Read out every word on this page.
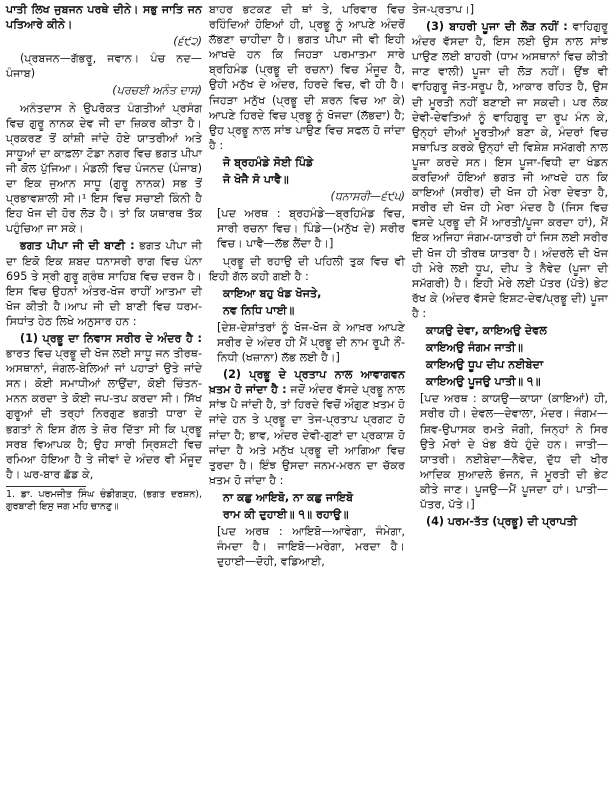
ਪਾਤੀ ਲਿਖ ਜੁਬਜਨ ਪਰਥੇ ਦੀਨੇ। ਸਭੁ ਜਾਤਿ ਜਨ ਪਤਿਆਰੇ ਕੀਨੇ।

(੬੯੨)

(ਪ੍ਰਬਜਨ—ਗੱਭਰੂ, ਜਵਾਨ। ਪੰਚ ਨਦ—ਪੰਜਾਬ)

(ਪਰਚਈ ਅਨੰਤ ਦਾਸ)

ਅਨੰਤਦਾਸ ਨੇ ਉਪਰੋਕਤ ਪੰਗਤੀਆਂ ਪ੍ਰਸੰਗ ਵਿਚ ਗੁਰੂ ਨਾਨਕ ਦੇਵ ਜੀ ਦਾ ਜ਼ਿਕਰ ਕੀਤਾ ਹੈ। ਪ੍ਰਕਰਣ ਤੋਂ ਕਾਂਸ਼ੀ ਜਾਂਦੇ ਹੋਏ ਯਾਤਰੀਆਂ ਅਤੇ ਸਾਧੂਆਂ ਦਾ ਕਾਫ਼ਲਾ ਟੋਡਾ ਨਗਰ ਵਿਚ ਭਗਤ ਪੀਪਾ ਜੀ ਕੋਲ ਪੁੱਜਿਆ। ਮੰਡਲੀ ਵਿਚ ਪੰਜਨਦ (ਪੰਜਾਬ) ਦਾ ਇਕ ਜੁਆਨ ਸਾਧੂ (ਗੁਰੂ ਨਾਨਕ) ਸਭ ਤੋਂ ਪ੍ਰਭਾਵਸ਼ਾਲੀ ਸੀ।¹ ਇਸ ਵਿਚ ਸਚਾਈ ਕਿੰਨੀ ਹੈ ਇਹ ਖੋਜ ਦੀ ਹੋਰ ਲੋੜ ਹੈ। ਤਾਂ ਕਿ ਯਥਾਰਥ ਤੱਕ ਪਹੁੰਚਿਆ ਜਾ ਸਕੇ।

ਭਗਤ ਪੀਪਾ ਜੀ ਦੀ ਬਾਣੀ : ਭਗਤ ਪੀਪਾ ਜੀ ਦਾ ਇਕੋ ਇਕ ਸ਼ਬਦ ਧਨਾਸਰੀ ਰਾਗ ਵਿਚ ਪੰਨਾ 695 ਤੇ ਸ੍ਰੀ ਗੁਰੂ ਗ੍ਰੰਥ ਸਾਹਿਬ ਵਿਚ ਦਰਜ ਹੈ। ਇਸ ਵਿਚ ਉਹਨਾਂ ਅੰਤਰ-ਖੋਜ ਰਾਹੀਂ ਆਤਮਾ ਦੀ ਖੋਜ ਕੀਤੀ ਹੈ।ਆਪ ਜੀ ਦੀ ਬਾਣੀ ਵਿਚ ਧਰਮ- ਸਿਧਾਂਤ ਹੇਠ ਲਿਖੇ ਅਨੁਸਾਰ ਹਨ :

(1) ਪ੍ਰਭੂ ਦਾ ਨਿਵਾਸ ਸਰੀਰ ਦੇ ਅੰਦਰ ਹੈ : ਭਾਰਤ ਵਿਚ ਪ੍ਰਭੂ ਦੀ ਖੋਜ ਲਈ ਸਾਧੂ ਜਨ ਤੀਰਥ-ਅਸਥਾਨਾਂ, ਜੰਗਲ-ਬੇਲਿਆਂ ਜਾਂ ਪਹਾੜਾਂ ਉਤੇ ਜਾਂਦੇ ਸਨ। ਕੋਈ ਸਮਾਧੀਆਂ ਲਾਉਂਦਾ, ਕੋਈ ਚਿੰਤਨ-ਮਨਨ ਕਰਦਾ ਤੇ ਕੋਈ ਜਪ-ਤਪ ਕਰਦਾ ਸੀ। ਸਿੱਖ ਗੁਰੂਆਂ ਦੀ ਤਰ੍ਹਾਂ ਨਿਰਗੁਣ ਭਗਤੀ ਧਾਰਾ ਦੇ ਭਗਤਾਂ ਨੇ ਇਸ ਗੱਲ ਤੇ ਜ਼ੋਰ ਦਿੱਤਾ ਸੀ ਕਿ ਪ੍ਰਭੂ ਸਰਬ ਵਿਆਪਕ ਹੈ; ਉਹ ਸਾਰੀ ਸ੍ਰਿਸ਼ਟੀ ਵਿਚ ਰਮਿਆ ਹੋਇਆ ਹੈ ਤੇ ਜੀਵਾਂ ਦੇ ਅੰਦਰ ਵੀ ਮੌਜੂਦ ਹੈ। ਘਰ-ਬਾਰ ਛੱਡ ਕੇ,

1. ਡਾ. ਪਰਮਜੀਤ ਸਿੰਘ ਚੰਡੀਗੜ੍ਹ, (ਭਗਤ ਦਰਸ਼ਨ), ਗੁਰਬਾਣੀ ਇਸੁ ਜਗ ਮਹਿ ਚਾਨਣੁ॥

ਬਾਹਰ ਭਟਕਣ ਦੀ ਥਾਂ ਤੇ, ਪਰਿਵਾਰ ਵਿਚ ਰਹਿੰਦਿਆਂ ਹੋਇਆਂ ਹੀ, ਪ੍ਰਭੂ ਨੂੰ ਆਪਣੇ ਅੰਦਰੋਂ ਲੱਭਣਾ ਚਾਹੀਦਾ ਹੈ। ਭਗਤ ਪੀਪਾ ਜੀ ਵੀ ਇਹੀ ਆਖਦੇ ਹਨ ਕਿ ਜਿਹੜਾ ਪਰਮਾਤਮਾ ਸਾਰੇ ਬ੍ਰਹਿਮੰਡ (ਪ੍ਰਭੂ ਦੀ ਰਚਨਾ) ਵਿਚ ਮੌਜੂਦ ਹੈ, ਉਹੀ ਮਨੁੱਖ ਦੇ ਅੰਦਰ, ਹਿਰਦੇ ਵਿਚ, ਵੀ ਹੀ ਹੈ। ਜਿਹੜਾ ਮਨੁੱਖ (ਪ੍ਰਭੂ ਦੀ ਸ਼ਰਨ ਵਿਚ ਆ ਕੇ) ਆਪਣੇ ਹਿਰਦੇ ਵਿਚ ਪ੍ਰਭੂ ਨੂੰ ਖੋਜਦਾ (ਲੱਭਦਾ) ਹੈ; ਉਹ ਪ੍ਰਭੂ ਨਾਲ ਸਾਂਝ ਪਾਉਣ ਵਿਚ ਸਫਲ ਹੋ ਜਾਂਦਾ ਹੈ :

ਜੋ ਬ੍ਰਹਮੰਡੇ ਸੋਈ ਪਿੰਡੇ

ਜੋ ਖੋਜੈ ਸੋ ਪਾਵੈ॥

(ਧਨਾਸਰੀ—੬੯੫)

[ਪਦ ਅਰਥ : ਬ੍ਰਹਮੰਡੇ—ਬ੍ਰਹਿਮੰਡ ਵਿਚ, ਸਾਰੀ ਰਚਨਾ ਵਿਚ। ਪਿੰਡੇ—(ਮਨੁੱਖ ਦੇ) ਸਰੀਰ ਵਿਚ। ਪਾਵੈ—ਲੱਭ ਲੈਂਦਾ ਹੈ।]

ਪ੍ਰਭੂ ਦੀ ਰਹਾਉ ਦੀ ਪਹਿਲੀ ਤੁਕ ਵਿਚ ਵੀ ਇਹੀ ਗੱਲ ਕਹੀ ਗਈ ਹੈ :

ਕਾਇਆ ਬਹੁ ਖੰਡ ਖੋਜਤੇ,

ਨਵ ਨਿਧਿ ਪਾਈ॥

[ਦੇਸ਼-ਦੇਸ਼ਾਂਤਰਾਂ ਨੂੰ ਖੋਜ-ਖੋਜ ਕੇ ਆਖ਼ਰ ਆਪਣੇ ਸਰੀਰ ਦੇ ਅੰਦਰ ਹੀ ਮੈਂ ਪ੍ਰਭੂ ਦੀ ਨਾਮ ਰੂਪੀ ਨੌਂ-ਨਿਧੀ (ਖਜ਼ਾਨਾ) ਲੱਭ ਲਈ ਹੈ।]

(2) ਪ੍ਰਭੂ ਦੇ ਪ੍ਰਤਾਪ ਨਾਲ ਆਵਾਗਵਨ ਖ਼ਤਮ ਹੋ ਜਾਂਦਾ ਹੈ : ਜਦੋਂ ਅੰਦਰ ਵੱਸਦੇ ਪ੍ਰਭੂ ਨਾਲ ਸਾਂਝ ਪੈ ਜਾਂਦੀ ਹੈ, ਤਾਂ ਹਿਰਦੇ ਵਿਚੋਂ ਔਗੁਣ ਖ਼ਤਮ ਹੋ ਜਾਂਦੇ ਹਨ ਤੇ ਪ੍ਰਭੂ ਦਾ ਤੇਜ-ਪ੍ਰਤਾਪ ਪ੍ਰਗਟ ਹੋ ਜਾਂਦਾ ਹੈ; ਭਾਵ, ਅੰਦਰ ਦੇਵੀ-ਗੁਣਾਂ ਦਾ ਪ੍ਰਕਾਸ਼ ਹੋ ਜਾਂਦਾ ਹੈ ਅਤੇ ਮਨੁੱਖ ਪ੍ਰਭੂ ਦੀ ਆਗਿਆ ਵਿਚ ਤੁਰਦਾ ਹੈ। ਇੰਝ ਉਸਦਾ ਜਨਮ-ਮਰਨ ਦਾ ਚੱਕਰ ਖ਼ਤਮ ਹੋ ਜਾਂਦਾ ਹੈ :

ਨਾ ਕਛੁ ਆਇਬੋ, ਨਾ ਕਛੁ ਜਾਇਬੋ

ਰਾਮ ਕੀ ਦੁਹਾਈ॥ ੧॥ ਰਹਾਉ॥

[ਪਦ ਅਰਥ : ਆਇਬੋ—ਆਵੇਗਾ, ਜੰਮੇਗਾ, ਜੰਮਦਾ ਹੈ। ਜਾਇਬੋ—ਮਰੇਗਾ, ਮਰਦਾ ਹੈ। ਦੁਹਾਈ—ਦੋਹੀ, ਵਡਿਆਈ,

ਤੇਜ-ਪ੍ਰਤਾਪ।]

(3) ਬਾਹਰੀ ਪੂਜਾ ਦੀ ਲੋੜ ਨਹੀਂ : ਵਾਹਿਗੁਰੂ ਅੰਦਰ ਵੱਸਦਾ ਹੈ, ਇਸ ਲਈ ਉਸ ਨਾਲ ਸਾਂਝ ਪਾਉਣ ਲਈ ਬਾਹਰੀ (ਧਾਮ ਅਸਥਾਨਾਂ ਵਿਚ ਕੀਤੀ ਜਾਣ ਵਾਲੀ) ਪੂਜਾ ਦੀ ਲੋੜ ਨਹੀਂ। ਉਂਝ ਵੀ ਵਾਹਿਗੁਰੂ ਜੋਤ-ਸਰੂਪ ਹੈ, ਆਕਾਰ ਰਹਿਤ ਹੈ, ਉਸ ਦੀ ਮੂਰਤੀ ਨਹੀਂ ਬਣਾਈ ਜਾ ਸਕਦੀ। ਪਰ ਲੋਕ ਦੇਵੀ-ਦੇਵਤਿਆਂ ਨੂੰ ਵਾਹਿਗੁਰੂ ਦਾ ਰੂਪ ਮੰਨ ਕੇ, ਉਨ੍ਹਾਂ ਦੀਆਂ ਮੂਰਤੀਆਂ ਬਣਾ ਕੇ, ਮੰਦਰਾਂ ਵਿਚ ਸਥਾਪਿਤ ਕਰਕੇ ਉਨ੍ਹਾਂ ਦੀ ਵਿਸ਼ੇਸ਼ ਸਮੱਗਰੀ ਨਾਲ ਪੂਜਾ ਕਰਦੇ ਸਨ। ਇਸ ਪੂਜਾ-ਵਿਧੀ ਦਾ ਖੰਡਨ ਕਰਦਿਆਂ ਹੋਇਆਂ ਭਗਤ ਜੀ ਆਖਦੇ ਹਨ ਕਿ ਕਾਇਆਂ (ਸਰੀਰ) ਦੀ ਖੋਜ ਹੀ ਮੇਰਾ ਦੇਵਤਾ ਹੈ, ਸਰੀਰ ਦੀ ਖੋਜ ਹੀ ਮੇਰਾ ਮੰਦਰ ਹੈ (ਜਿਸ ਵਿਚ ਵਸਦੇ ਪ੍ਰਭੂ ਦੀ ਮੈਂ ਆਰਤੀ/ਪੂਜਾ ਕਰਦਾ ਹਾਂ), ਮੈਂ ਇਕ ਅਜਿਹਾ ਜੰਗਮ-ਯਾਤਰੀ ਹਾਂ ਜਿਸ ਲਈ ਸਰੀਰ ਦੀ ਖੋਜ ਹੀ ਤੀਰਥ ਯਾਤਰਾ ਹੈ। ਅੰਦਰਲੇ ਦੀ ਖੋਜ ਹੀ ਮੇਰੇ ਲਈ ਧੂਪ, ਦੀਪ ਤੇ ਨੈਵੇਦ (ਪੂਜਾ ਦੀ ਸਮੱਗਰੀ) ਹੈ। ਇਹੀ ਮੇਰੇ ਲਈ ਪੱਤਰ (ਪੱਤੇ) ਭੇਟ ਰੱਖ ਕੇ (ਅੰਦਰ ਵੱਸਦੇ ਇਸ਼ਟ-ਦੇਵ/ਪ੍ਰਭੂ ਦੀ) ਪੂਜਾ ਹੈ :

ਕਾਯਉ ਦੇਵਾ, ਕਾਇਅਉ ਦੇਵਲ

ਕਾਇਅਉ ਜੰਗਮ ਜਾਤੀ॥

ਕਾਇਅਉ ਧੂਪ ਦੀਪ ਨਈਬੇਦਾ

ਕਾਇਅਉ ਪੂਜਉ ਪਾਤੀ॥ ੧॥

[ਪਦ ਅਰਥ : ਕਾਯਉ—ਕਾਯਾ (ਕਾਇਆਂ) ਹੀ, ਸਰੀਰ ਹੀ। ਦੇਵਲ—ਦੇਵਾਲਾ, ਮੰਦਰ। ਜੰਗਮ—ਸ਼ਿਵ-ਉਪਾਸਕ ਰਮਤੇ ਜੋਗੀ, ਜਿਨ੍ਹਾਂ ਨੇ ਸਿਰ ਉਤੇ ਮੋਰਾਂ ਦੇ ਖੰਭ ਬੱਧੇ ਹੁੰਦੇ ਹਨ। ਜਾਤੀ—ਯਾਤਰੀ। ਨਈਬੇਦਾ—ਨੈਵੇਦ, ਦੁੱਧ ਦੀ ਖੀਰ ਆਦਿਕ ਸੁਆਦਲੇ ਭੋਜਨ, ਜੋ ਮੂਰਤੀ ਦੀ ਭੇਟ ਕੀਤੇ ਜਾਣ। ਪੂਜਉ—ਮੈਂ ਪੂਜਦਾ ਹਾਂ। ਪਾਤੀ—ਪੱਤਰ, ਪੱਤੇ।]

(4) ਪਰਮ-ਤੱਤ (ਪ੍ਰਭੂ) ਦੀ ਪ੍ਰਾਪਤੀ
